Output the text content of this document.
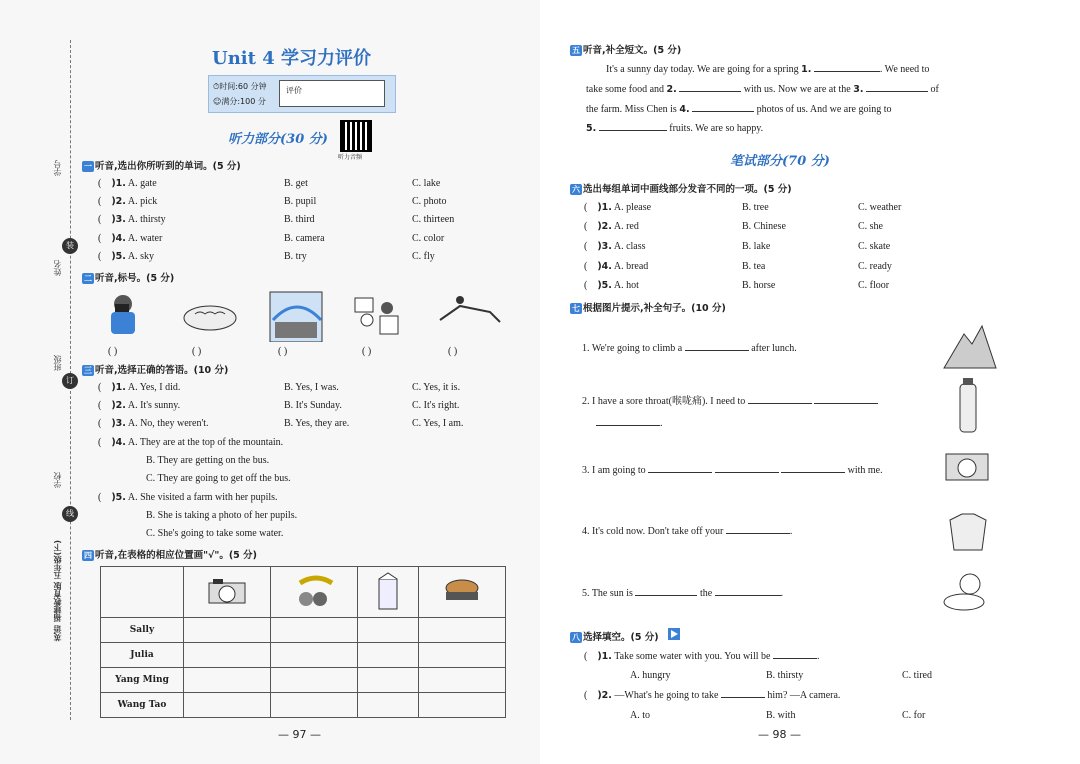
学号
姓名
班级
学校
英语 福建教育版 五年级(下)
装
订
线
Unit 4 学习力评价
⏱时间:60 分钟
☺满分:100 分
评价
听力部分(30 分)
听力音频
一 听音,选出你所听到的单词。(5 分)
(    )1. A. gate	B. get	C. lake
(    )2. A. pick	B. pupil	C. photo
(    )3. A. thirsty	B. third	C. thirteen
(    )4. A. water	B. camera	C. color
(    )5. A. sky	B. try	C. fly
二 听音,标号。(5 分)
( )	( )	( )	( )	( )
三 听音,选择正确的答语。(10 分)
(    )1. A. Yes, I did.	B. Yes, I was.	C. Yes, it is.
(    )2. A. It's sunny.	B. It's Sunday.	C. It's right.
(    )3. A. No, they weren't.	B. Yes, they are.	C. Yes, I am.
(    )4. A. They are at the top of the mountain.
B. They are getting on the bus.
C. They are going to get off the bus.
(    )5. A. She visited a farm with her pupils.
B. She is taking a photo of her pupils.
C. She's going to take some water.
四 听音,在表格的相应位置画"√"。(5 分)

Sally				
Julia				
Yang Ming				
Wang Tao				
— 97 —
五 听音,补全短文。(5 分)
It's a sunny day today. We are going for a spring 1.	. We need to
take some food and 2.	with us. Now we are at the 3.	of
the farm. Miss Chen is 4.	photos of us. And we are going to
5.	fruits. We are so happy.
笔试部分(70 分)
六 选出每组单词中画线部分发音不同的一项。(5 分)
(    )1. A. please	B. tree	C. weather
(    )2. A. red	B. Chinese	C. she
(    )3. A. class	B. lake	C. skate
(    )4. A. bread	B. tea	C. ready
(    )5. A. hot	B. horse	C. floor
七 根据图片提示,补全句子。(10 分)
1. We're going to climb a	after lunch.
2. I have a sore throat(喉咙痛). I need to
.
3. I am going to	with me.
4. It's cold now. Don't take off your	.
5. The sun is	the	.
八 选择填空。(5 分)
(    )1. Take some water with you. You will be	.
A. hungry	B. thirsty	C. tired
(    )2. —What's he going to take	him? —A camera.
A. to	B. with	C. for
— 98 —
